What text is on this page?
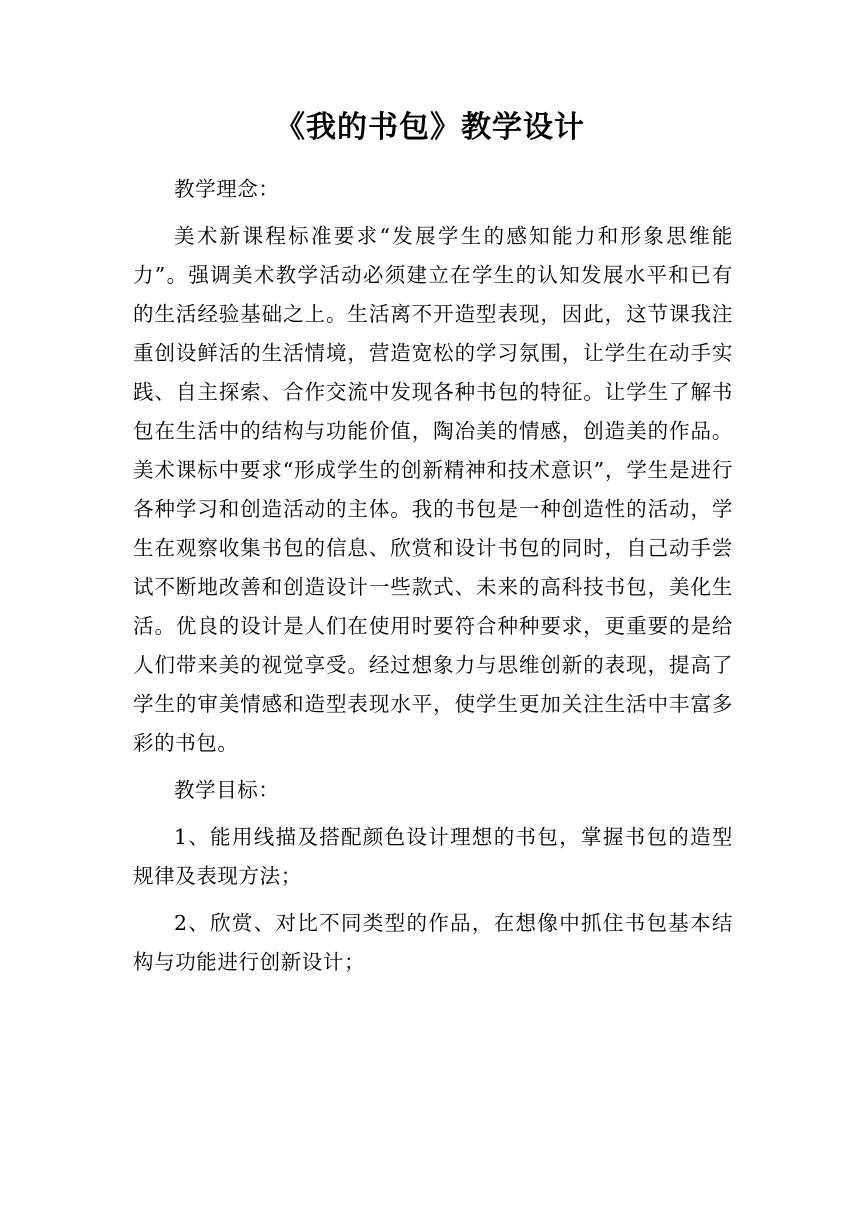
《我的书包》教学设计

教学理念：

美术新课程标准要求“发展学生的感知能力和形象思维能力”。强调美术教学活动必须建立在学生的认知发展水平和已有的生活经验基础之上。生活离不开造型表现，因此，这节课我注重创设鲜活的生活情境，营造宽松的学习氛围，让学生在动手实践、自主探索、合作交流中发现各种书包的特征。让学生了解书包在生活中的结构与功能价值，陶冶美的情感，创造美的作品。美术课标中要求“形成学生的创新精神和技术意识”，学生是进行各种学习和创造活动的主体。我的书包是一种创造性的活动，学生在观察收集书包的信息、欣赏和设计书包的同时，自己动手尝试不断地改善和创造设计一些款式、未来的高科技书包，美化生活。优良的设计是人们在使用时要符合种种要求，更重要的是给人们带来美的视觉享受。经过想象力与思维创新的表现，提高了学生的审美情感和造型表现水平，使学生更加关注生活中丰富多彩的书包。

教学目标：

1、能用线描及搭配颜色设计理想的书包，掌握书包的造型规律及表现方法；

2、欣赏、对比不同类型的作品，在想像中抓住书包基本结构与功能进行创新设计；
